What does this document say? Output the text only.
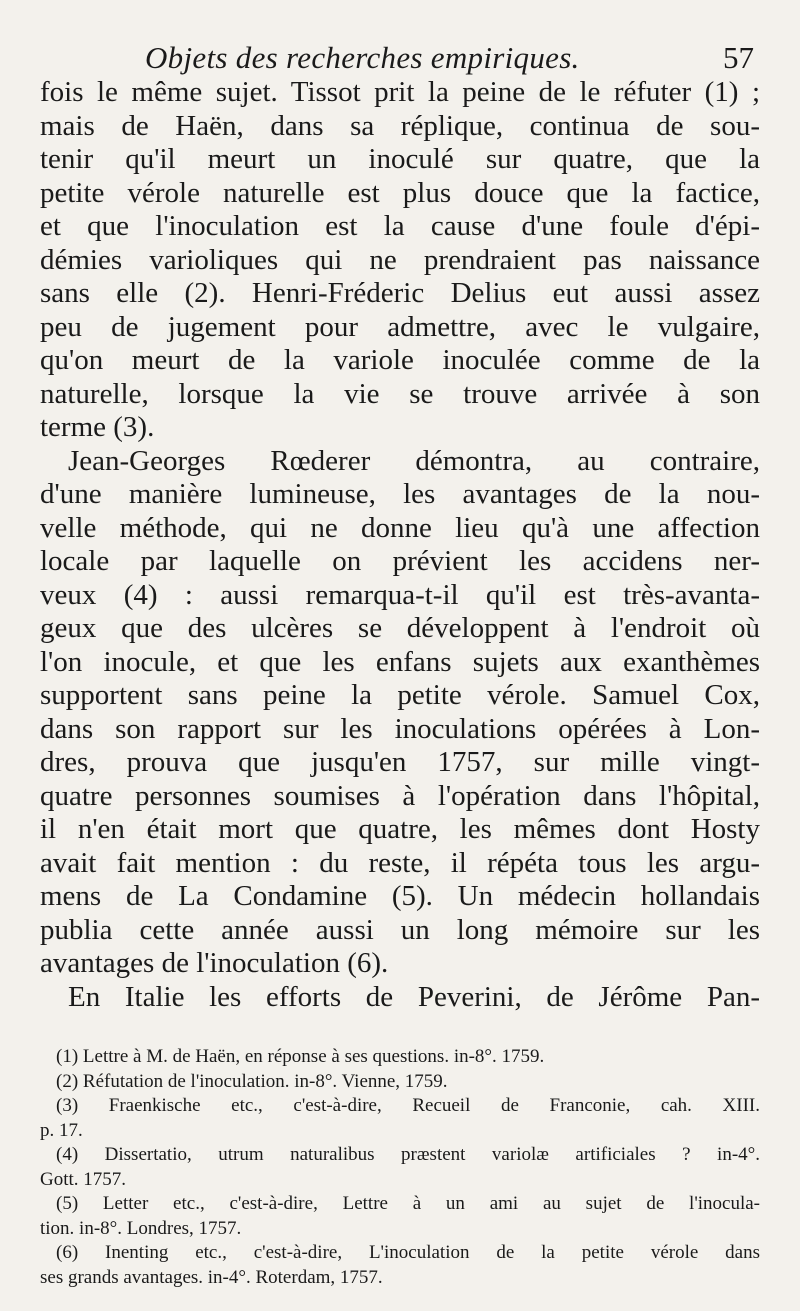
Objets des recherches empiriques.	57
fois le même sujet. Tissot prit la peine de le réfuter (1) ;
mais de Haën, dans sa réplique, continua de sou-
tenir qu'il meurt un inoculé sur quatre, que la
petite vérole naturelle est plus douce que la factice,
et que l'inoculation est la cause d'une foule d'épi-
démies varioliques qui ne prendraient pas naissance
sans elle (2). Henri-Fréderic Delius eut aussi assez
peu de jugement pour admettre, avec le vulgaire,
qu'on meurt de la variole inoculée comme de la
naturelle, lorsque la vie se trouve arrivée à son
terme (3).
Jean-Georges Rœderer démontra, au contraire,
d'une manière lumineuse, les avantages de la nou-
velle méthode, qui ne donne lieu qu'à une affection
locale par laquelle on prévient les accidens ner-
veux (4) : aussi remarqua-t-il qu'il est très-avanta-
geux que des ulcères se développent à l'endroit où
l'on inocule, et que les enfans sujets aux exanthèmes
supportent sans peine la petite vérole. Samuel Cox,
dans son rapport sur les inoculations opérées à Lon-
dres, prouva que jusqu'en 1757, sur mille vingt-
quatre personnes soumises à l'opération dans l'hôpital,
il n'en était mort que quatre, les mêmes dont Hosty
avait fait mention : du reste, il répéta tous les argu-
mens de La Condamine (5). Un médecin hollandais
publia cette année aussi un long mémoire sur les
avantages de l'inoculation (6).
En Italie les efforts de Peverini, de Jérôme Pan-
(1) Lettre à M. de Haën, en réponse à ses questions. in-8°. 1759.
(2) Réfutation de l'inoculation. in-8°. Vienne, 1759.
(3) Fraenkische etc., c'est-à-dire, Recueil de Franconie, cah. XIII.
p. 17.
(4) Dissertatio, utrum naturalibus præstent variolæ artificiales ? in-4°.
Gott. 1757.
(5) Letter etc., c'est-à-dire, Lettre à un ami au sujet de l'inocula-
tion. in-8°. Londres, 1757.
(6) Inenting etc., c'est-à-dire, L'inoculation de la petite vérole dans
ses grands avantages. in-4°. Roterdam, 1757.
